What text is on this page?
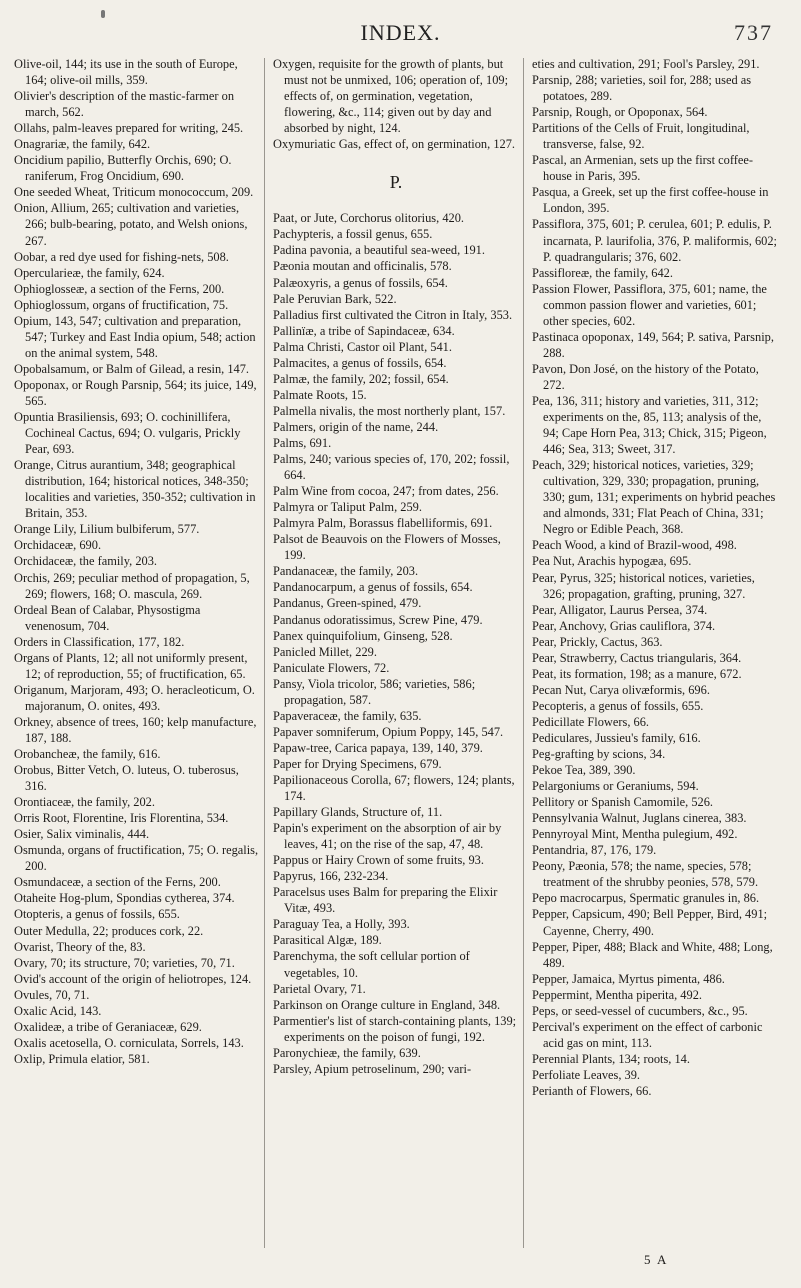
INDEX.	737

Olive-oil, 144; its use in the south of Europe, 164; olive-oil mills, 359.

Olivier's description of the mastic-farmer on march, 562.

Ollahs, palm-leaves prepared for writing, 245.

Onagrariæ, the family, 642.

Oncidium papilio, Butterfly Orchis, 690; O. raniferum, Frog Oncidium, 690.

One seeded Wheat, Triticum monococcum, 209.

Onion, Allium, 265; cultivation and varieties, 266; bulb-bearing, potato, and Welsh onions, 267.

Oobar, a red dye used for fishing-nets, 508.

Opercularieæ, the family, 624.

Ophioglosseæ, a section of the Ferns, 200.

Ophioglossum, organs of fructification, 75.

Opium, 143, 547; cultivation and preparation, 547; Turkey and East India opium, 548; action on the animal system, 548.

Opobalsamum, or Balm of Gilead, a resin, 147.

Opoponax, or Rough Parsnip, 564; its juice, 149, 565.

Opuntia Brasiliensis, 693; O. cochinillifera, Cochineal Cactus, 694; O. vulgaris, Prickly Pear, 693.

Orange, Citrus aurantium, 348; geographical distribution, 164; historical notices, 348-350; localities and varieties, 350-352; cultivation in Britain, 353.

Orange Lily, Lilium bulbiferum, 577.

Orchidaceæ, 690.

Orchidaceæ, the family, 203.

Orchis, 269; peculiar method of propagation, 5, 269; flowers, 168; O. mascula, 269.

Ordeal Bean of Calabar, Physostigma venenosum, 704.

Orders in Classification, 177, 182.

Organs of Plants, 12; all not uniformly present, 12; of reproduction, 55; of fructification, 65.

Origanum, Marjoram, 493; O. heracleoticum, O. majoranum, O. onites, 493.

Orkney, absence of trees, 160; kelp manufacture, 187, 188.

Orobancheæ, the family, 616.

Orobus, Bitter Vetch, O. luteus, O. tuberosus, 316.

Orontiaceæ, the family, 202.

Orris Root, Florentine, Iris Florentina, 534.

Osier, Salix viminalis, 444.

Osmunda, organs of fructification, 75; O. regalis, 200.

Osmundaceæ, a section of the Ferns, 200.

Otaheite Hog-plum, Spondias cytherea, 374.

Otopteris, a genus of fossils, 655.

Outer Medulla, 22; produces cork, 22.

Ovarist, Theory of the, 83.

Ovary, 70; its structure, 70; varieties, 70, 71.

Ovid's account of the origin of heliotropes, 124.

Ovules, 70, 71.

Oxalic Acid, 143.

Oxalideæ, a tribe of Geraniaceæ, 629.

Oxalis acetosella, O. corniculata, Sorrels, 143.

Oxlip, Primula elatior, 581.

Oxygen, requisite for the growth of plants, but must not be unmixed, 106; operation of, 109; effects of, on germination, vegetation, flowering, &c., 114; given out by day and absorbed by night, 124.

Oxymuriatic Gas, effect of, on germination, 127.

P.

Paat, or Jute, Corchorus olitorius, 420.

Pachypteris, a fossil genus, 655.

Padina pavonia, a beautiful sea-weed, 191.

Pæonia moutan and officinalis, 578.

Palæoxyris, a genus of fossils, 654.

Pale Peruvian Bark, 522.

Palladius first cultivated the Citron in Italy, 353.

Pallinïæ, a tribe of Sapindaceæ, 634.

Palma Christi, Castor oil Plant, 541.

Palmacites, a genus of fossils, 654.

Palmæ, the family, 202; fossil, 654.

Palmate Roots, 15.

Palmella nivalis, the most northerly plant, 157.

Palmers, origin of the name, 244.

Palms, 691.

Palms, 240; various species of, 170, 202; fossil, 664.

Palm Wine from cocoa, 247; from dates, 256.

Palmyra or Taliput Palm, 259.

Palmyra Palm, Borassus flabelliformis, 691.

Palsot de Beauvois on the Flowers of Mosses, 199.

Pandanaceæ, the family, 203.

Pandanocarpum, a genus of fossils, 654.

Pandanus, Green-spined, 479.

Pandanus odoratissimus, Screw Pine, 479.

Panex quinquifolium, Ginseng, 528.

Panicled Millet, 229.

Paniculate Flowers, 72.

Pansy, Viola tricolor, 586; varieties, 586; propagation, 587.

Papaveraceæ, the family, 635.

Papaver somniferum, Opium Poppy, 145, 547.

Papaw-tree, Carica papaya, 139, 140, 379.

Paper for Drying Specimens, 679.

Papilionaceous Corolla, 67; flowers, 124; plants, 174.

Papillary Glands, Structure of, 11.

Papin's experiment on the absorption of air by leaves, 41; on the rise of the sap, 47, 48.

Pappus or Hairy Crown of some fruits, 93.

Papyrus, 166, 232-234.

Paracelsus uses Balm for preparing the Elixir Vitæ, 493.

Paraguay Tea, a Holly, 393.

Parasitical Algæ, 189.

Parenchyma, the soft cellular portion of vegetables, 10.

Parietal Ovary, 71.

Parkinson on Orange culture in England, 348.

Parmentier's list of starch-containing plants, 139; experiments on the poison of fungi, 192.

Paronychieæ, the family, 639.

Parsley, Apium petroselinum, 290; vari-

eties and cultivation, 291; Fool's Parsley, 291.

Parsnip, 288; varieties, soil for, 288; used as potatoes, 289.

Parsnip, Rough, or Opoponax, 564.

Partitions of the Cells of Fruit, longitudinal, transverse, false, 92.

Pascal, an Armenian, sets up the first coffee-house in Paris, 395.

Pasqua, a Greek, set up the first coffee-house in London, 395.

Passiflora, 375, 601; P. cerulea, 601; P. edulis, P. incarnata, P. laurifolia, 376, P. maliformis, 602; P. quadrangularis; 376, 602.

Passifloreæ, the family, 642.

Passion Flower, Passiflora, 375, 601; name, the common passion flower and varieties, 601; other species, 602.

Pastinaca opoponax, 149, 564; P. sativa, Parsnip, 288.

Pavon, Don José, on the history of the Potato, 272.

Pea, 136, 311; history and varieties, 311, 312; experiments on the, 85, 113; analysis of the, 94; Cape Horn Pea, 313; Chick, 315; Pigeon, 446; Sea, 313; Sweet, 317.

Peach, 329; historical notices, varieties, 329; cultivation, 329, 330; propagation, pruning, 330; gum, 131; experiments on hybrid peaches and almonds, 331; Flat Peach of China, 331; Negro or Edible Peach, 368.

Peach Wood, a kind of Brazil-wood, 498.

Pea Nut, Arachis hypogæa, 695.

Pear, Pyrus, 325; historical notices, varieties, 326; propagation, grafting, pruning, 327.

Pear, Alligator, Laurus Persea, 374.

Pear, Anchovy, Grias cauliflora, 374.

Pear, Prickly, Cactus, 363.

Pear, Strawberry, Cactus triangularis, 364.

Peat, its formation, 198; as a manure, 672.

Pecan Nut, Carya olivæformis, 696.

Pecopteris, a genus of fossils, 655.

Pedicillate Flowers, 66.

Pediculares, Jussieu's family, 616.

Peg-grafting by scions, 34.

Pekoe Tea, 389, 390.

Pelargoniums or Geraniums, 594.

Pellitory or Spanish Camomile, 526.

Pennsylvania Walnut, Juglans cinerea, 383.

Pennyroyal Mint, Mentha pulegium, 492.

Pentandria, 87, 176, 179.

Peony, Pæonia, 578; the name, species, 578; treatment of the shrubby peonies, 578, 579.

Pepo macrocarpus, Spermatic granules in, 86.

Pepper, Capsicum, 490; Bell Pepper, Bird, 491; Cayenne, Cherry, 490.

Pepper, Piper, 488; Black and White, 488; Long, 489.

Pepper, Jamaica, Myrtus pimenta, 486.

Peppermint, Mentha piperita, 492.

Peps, or seed-vessel of cucumbers, &c., 95.

Percival's experiment on the effect of carbonic acid gas on mint, 113.

Perennial Plants, 134; roots, 14.

Perfoliate Leaves, 39.

Perianth of Flowers, 66.

5 A
